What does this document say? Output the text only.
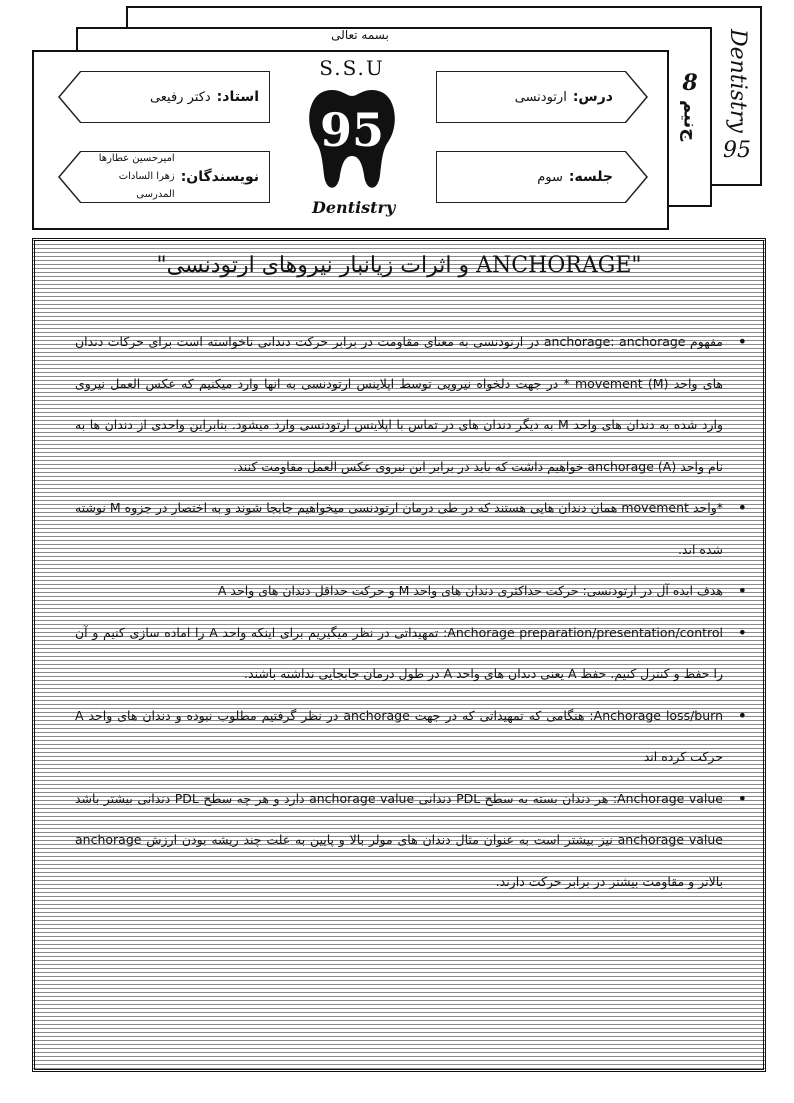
بسمه تعالی	Dentistry
95
8
ج‌نیم
S.S.U
95
Dentistry
درس:
ارتودنسی
جلسه:
سوم
استاد:
دکتر رفیعی
نویسندگان:
امیرحسین عطارها
زهرا السادات المدرسی
"ANCHORAGE و اثرات زیانبار نیروهای ارتودنسی"
• مفهوم anchorage: anchorage در ارتودنسی به معنای مقاومت در برابر حرکت دندانی ناخواسته است برای حرکات دندان های واحد (M) movement * در جهت دلخواه نیرویی توسط اپلاینس ارتودنسی به انها وارد میکنیم که عکس العمل نیروی وارد شده به دندان های واحد M به دیگر دندان های در تماس با اپلاینس ارتودنسی وارد میشود. بنابراین واحدی از دندان ها به نام واحد anchorage (A) خواهیم داشت که باید در برابر این نیروی عکس العمل مقاومت کنند.
• *واحد movement همان دندان هایی هستند که در طی درمان ارتودنسی میخواهیم جابجا شوند و به اختصار در جزوه M نوشته شده اند.
• هدف ایده آل در ارتودنسی: حرکت حداکثری دندان های واحد M و حرکت حداقل دندان های واحد A
• Anchorage preparation/presentation/control: تمهیداتی در نظر میگیریم برای اینکه واحد A را اماده سازی کنیم و آن را حفظ و کنترل کنیم. حفظ A یعنی دندان های واحد A در طول درمان جابجایی نداشته باشند.
• Anchorage loss/burn: هنگامی که تمهیداتی که در جهت anchorage در نظر گرفتیم مطلوب نبوده و دندان های واحد A حرکت کرده اند
• Anchorage value: هر دندان بسته به سطح PDL دندانی anchorage value دارد و هر چه سطح PDL دندانی بیشتر باشد anchorage value نیز بیشتر است به عنوان مثال دندان های مولر بالا و پایین به علت چند ریشه بودن ارزش anchorage بالاتر و مقاومت بیشتر در برابر حرکت دارند.
